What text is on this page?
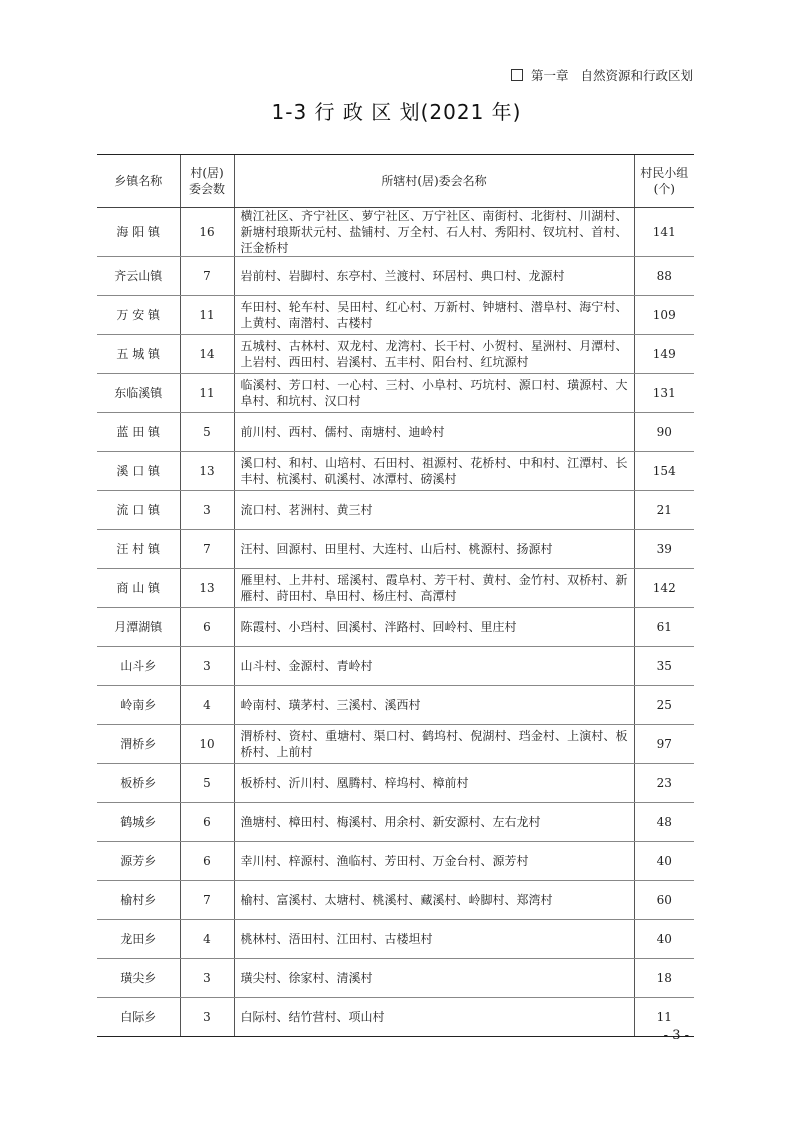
第一章 自然资源和行政区划
1-3 行 政 区 划(2021 年)
乡镇名称	村(居)委会数	所辖村(居)委会名称	村民小组(个)
海 阳 镇	16	横江社区、齐宁社区、萝宁社区、万宁社区、南街村、北街村、川湖村、新塘村琅斯状元村、盐铺村、万全村、石人村、秀阳村、钗坑村、首村、汪金桥村	141
齐云山镇	7	岩前村、岩脚村、东亭村、兰渡村、环居村、典口村、龙源村	88
万 安 镇	11	车田村、轮车村、吴田村、红心村、万新村、钟塘村、潜阜村、海宁村、上黄村、南潜村、古楼村	109
五 城 镇	14	五城村、古林村、双龙村、龙湾村、长干村、小贺村、星洲村、月潭村、上岩村、西田村、岩溪村、五丰村、阳台村、红坑源村	149
东临溪镇	11	临溪村、芳口村、一心村、三村、小阜村、巧坑村、源口村、璜源村、大阜村、和坑村、汉口村	131
蓝 田 镇	5	前川村、西村、儒村、南塘村、迪岭村	90
溪 口 镇	13	溪口村、和村、山培村、石田村、祖源村、花桥村、中和村、江潭村、长丰村、杭溪村、矶溪村、冰潭村、磅溪村	154
流 口 镇	3	流口村、茗洲村、黄三村	21
汪 村 镇	7	汪村、回源村、田里村、大连村、山后村、桃源村、扬源村	39
商 山 镇	13	雁里村、上井村、瑶溪村、霞阜村、芳干村、黄村、金竹村、双桥村、新雁村、莳田村、阜田村、杨庄村、高潭村	142
月潭湖镇	6	陈霞村、小珰村、回溪村、泮路村、回岭村、里庄村	61
山斗乡	3	山斗村、金源村、青岭村	35
岭南乡	4	岭南村、璜茅村、三溪村、溪西村	25
渭桥乡	10	渭桥村、资村、重塘村、渠口村、鹤坞村、倪湖村、珰金村、上演村、板桥村、上前村	97
板桥乡	5	板桥村、沂川村、凰腾村、梓坞村、樟前村	23
鹤城乡	6	渔塘村、樟田村、梅溪村、用余村、新安源村、左右龙村	48
源芳乡	6	幸川村、梓源村、渔临村、芳田村、万金台村、源芳村	40
榆村乡	7	榆村、富溪村、太塘村、桃溪村、藏溪村、岭脚村、郑湾村	60
龙田乡	4	桃林村、浯田村、江田村、古楼坦村	40
璜尖乡	3	璜尖村、徐家村、清溪村	18
白际乡	3	白际村、结竹营村、项山村	11
- 3 -
